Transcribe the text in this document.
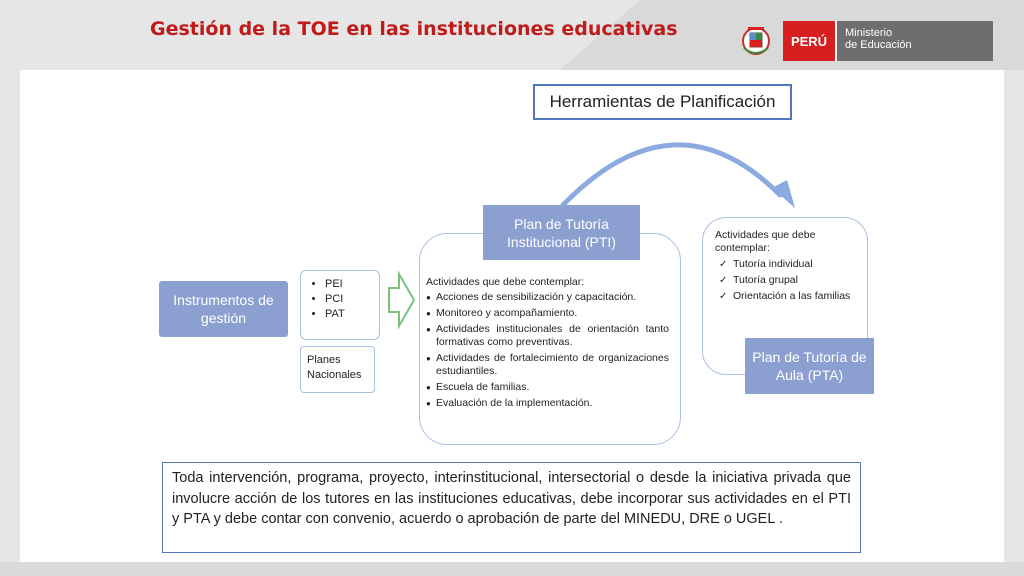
Gestión de la TOE en las instituciones educativas
PERÚ
Ministerio
de Educación
Herramientas de Planificación
Instrumentos de gestión
• PEI
• PCI
• PAT
Planes Nacionales
Actividades que debe contemplar:
● Acciones de sensibilización y capacitación.
● Monitoreo y acompañamiento.
● Actividades institucionales de orientación tanto formativas como preventivas.
● Actividades de fortalecimiento de organizaciones estudiantiles.
● Escuela de familias.
● Evaluación de la implementación.
Plan de Tutoría Institucional (PTI)	Actividades que debe contemplar:
✓ Tutoría individual
✓ Tutoría grupal
✓ Orientación a las familias
Plan de Tutoría de Aula (PTA)
Toda intervención, programa, proyecto, interinstitucional, intersectorial o desde la iniciativa privada que involucre acción de los tutores en las instituciones educativas, debe incorporar sus actividades en el PTI y PTA y debe contar con convenio, acuerdo o aprobación de parte del MINEDU, DRE o UGEL .
